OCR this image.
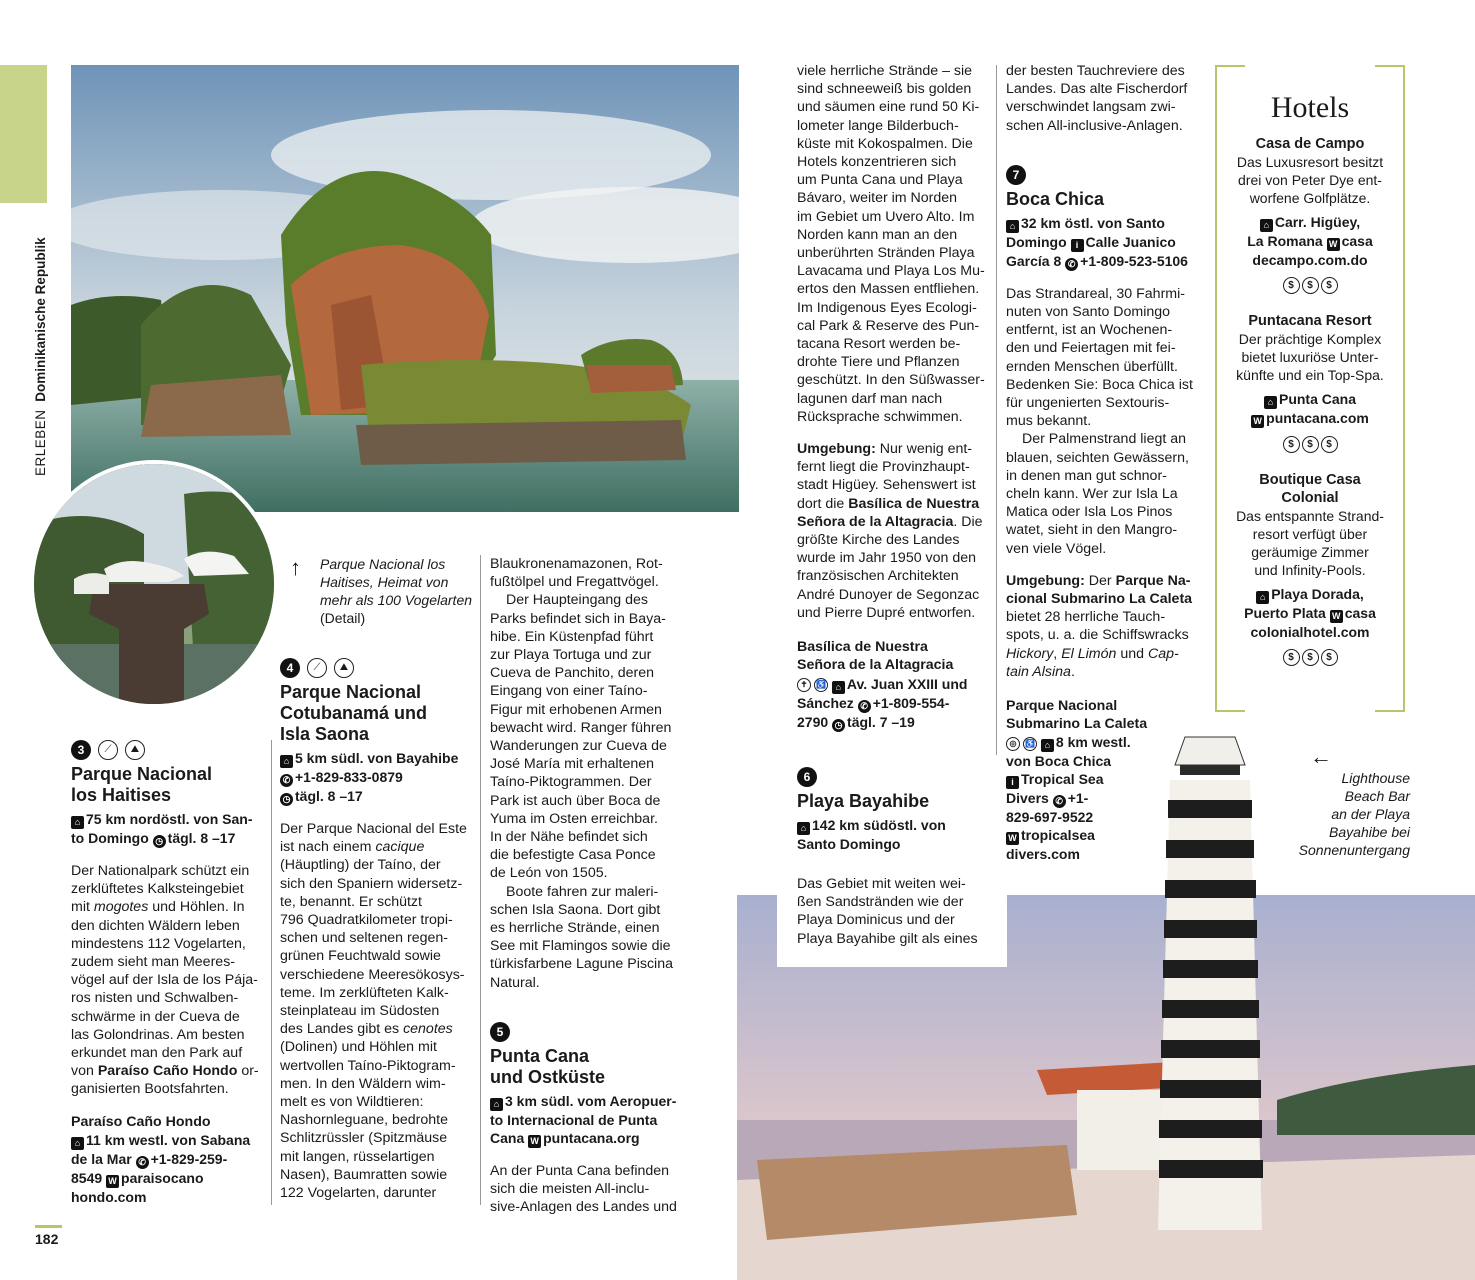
ERLEBEN Dominikanische Republik
↑ Parque Nacional los
Haitises, Heimat von
mehr als 100 Vogelarten
(Detail)
3 ⟋ ⛰
Parque Nacional
los Haitises
⌂ 75 km nordöstl. von San-
to Domingo ◷ tägl. 8 –17

Der Nationalpark schützt ein
zerklüftetes Kalksteingebiet
mit mogotes und Höhlen. In
den dichten Wäldern leben
mindestens 112 Vogelarten,
zudem sieht man Meeres-
vögel auf der Isla de los Pája-
ros nisten und Schwalben-
schwärme in der Cueva de
las Golondrinas. Am besten
erkundet man den Park auf
von Paraíso Caño Hondo or-
ganisierten Bootsfahrten.

Paraíso Caño Hondo
⌂ 11 km westl. von Sabana
de la Mar ✆ +1-829-259-
8549 W paraisocano
hondo.com
182
4 ⟋ ⛰
Parque Nacional
Cotubanamá und
Isla Saona
⌂ 5 km südl. von Bayahibe
✆ +1-829-833-0879
◷ tägl. 8 –17

Der Parque Nacional del Este
ist nach einem cacique
(Häuptling) der Taíno, der
sich den Spaniern widersetz-
te, benannt. Er schützt
796 Quadratkilometer tropi-
schen und seltenen regen-
grünen Feuchtwald sowie
verschiedene Meeresökosys-
teme. Im zerklüfteten Kalk-
steinplateau im Südosten
des Landes gibt es cenotes
(Dolinen) und Höhlen mit
wertvollen Taíno-Piktogram-
men. In den Wäldern wim-
melt es von Wildtieren:
Nashornleguane, bedrohte
Schlitzrüssler (Spitzmäuse
mit langen, rüsselartigen
Nasen), Baumratten sowie
122 Vogelarten, darunter

Blaukronenamazonen, Rot-
fußtölpel und Fregattvögel.

Der Haupteingang des
Parks befindet sich in Baya-
hibe. Ein Küstenpfad führt
zur Playa Tortuga und zur
Cueva de Panchito, deren
Eingang von einer Taíno-
Figur mit erhobenen Armen
bewacht wird. Ranger führen
Wanderungen zur Cueva de
José María mit erhaltenen
Taíno-Piktogrammen. Der
Park ist auch über Boca de
Yuma im Osten erreichbar.
In der Nähe befindet sich
die befestigte Casa Ponce
de León von 1505.

Boote fahren zur maleri-
schen Isla Saona. Dort gibt
es herrliche Strände, einen
See mit Flamingos sowie die
türkisfarbene Lagune Piscina
Natural.

5
Punta Cana
und Ostküste
⌂ 3 km südl. vom Aeropuer-
to Internacional de Punta
Cana W puntacana.org

An der Punta Cana befinden
sich die meisten All-inclu-
sive-Anlagen des Landes und

viele herrliche Strände – sie
sind schneeweiß bis golden
und säumen eine rund 50 Ki-
lometer lange Bilderbuch-
küste mit Kokospalmen. Die
Hotels konzentrieren sich
um Punta Cana und Playa
Bávaro, weiter im Norden
im Gebiet um Uvero Alto. Im
Norden kann man an den
unberührten Stränden Playa
Lavacama und Playa Los Mu-
ertos den Massen entfliehen.
Im Indigenous Eyes Ecologi-
cal Park & Reserve des Pun-
tacana Resort werden be-
drohte Tiere und Pflanzen
geschützt. In den Süßwasser-
lagunen darf man nach
Rücksprache schwimmen.

Umgebung: Nur wenig ent-
fernt liegt die Provinzhaupt-
stadt Higüey. Sehenswert ist
dort die Basílica de Nuestra
Señora de la Altagracia. Die
größte Kirche des Landes
wurde im Jahr 1950 von den
französischen Architekten
André Dunoyer de Segonzac
und Pierre Dupré entworfen.

Basílica de Nuestra
Señora de la Altagracia
✝ ♿ ⌂ Av. Juan XXIII und
Sánchez ✆ +1-809-554-
2790 ◷ tägl. 7 –19
6
Playa Bayahibe
⌂ 142 km südöstl. von
Santo Domingo

Das Gebiet mit weiten wei-
ßen Sandstränden wie der
Playa Dominicus und der
Playa Bayahibe gilt als eines

der besten Tauchreviere des
Landes. Das alte Fischerdorf
verschwindet langsam zwi-
schen All-inclusive-Anlagen.

7
Boca Chica
⌂ 32 km östl. von Santo
Domingo i Calle Juanico
García 8 ✆ +1-809-523-5106

Das Strandareal, 30 Fahrmi-
nuten von Santo Domingo
entfernt, ist an Wochenen-
den und Feiertagen mit fei-
ernden Menschen überfüllt.
Bedenken Sie: Boca Chica ist
für ungenierten Sextouris-
mus bekannt.

Der Palmenstrand liegt an
blauen, seichten Gewässern,
in denen man gut schnor-
cheln kann. Wer zur Isla La
Matica oder Isla Los Pinos
watet, sieht in den Mangro-
ven viele Vögel.

Umgebung: Der Parque Na-
cional Submarino La Caleta
bietet 28 herrliche Tauch-
spots, u. a. die Schiffswracks
Hickory, El Limón und Cap-
tain Alsina.

Parque Nacional
Submarino La Caleta
◎ ♿ ⌂ 8 km westl.
von Boca Chica
i Tropical Sea
Divers ✆ +1-
829-697-9522
W tropicalsea
divers.com
Hotels
Casa de Campo
Das Luxusresort besitzt
drei von Peter Dye ent-
worfene Golfplätze.
⌂ Carr. Higüey,
La Romana W casa
decampo.com.do
$ $ $
Puntacana Resort
Der prächtige Komplex
bietet luxuriöse Unter-
künfte und ein Top-Spa.
⌂ Punta Cana
W puntacana.com
$ $ $
Boutique Casa Colonial
Das entspannte Strand-
resort verfügt über
geräumige Zimmer
und Infinity-Pools.
⌂ Playa Dorada,
Puerto Plata W casa
colonialhotel.com
$ $ $
←
Lighthouse
Beach Bar
an der Playa
Bayahibe bei
Sonnenuntergang
